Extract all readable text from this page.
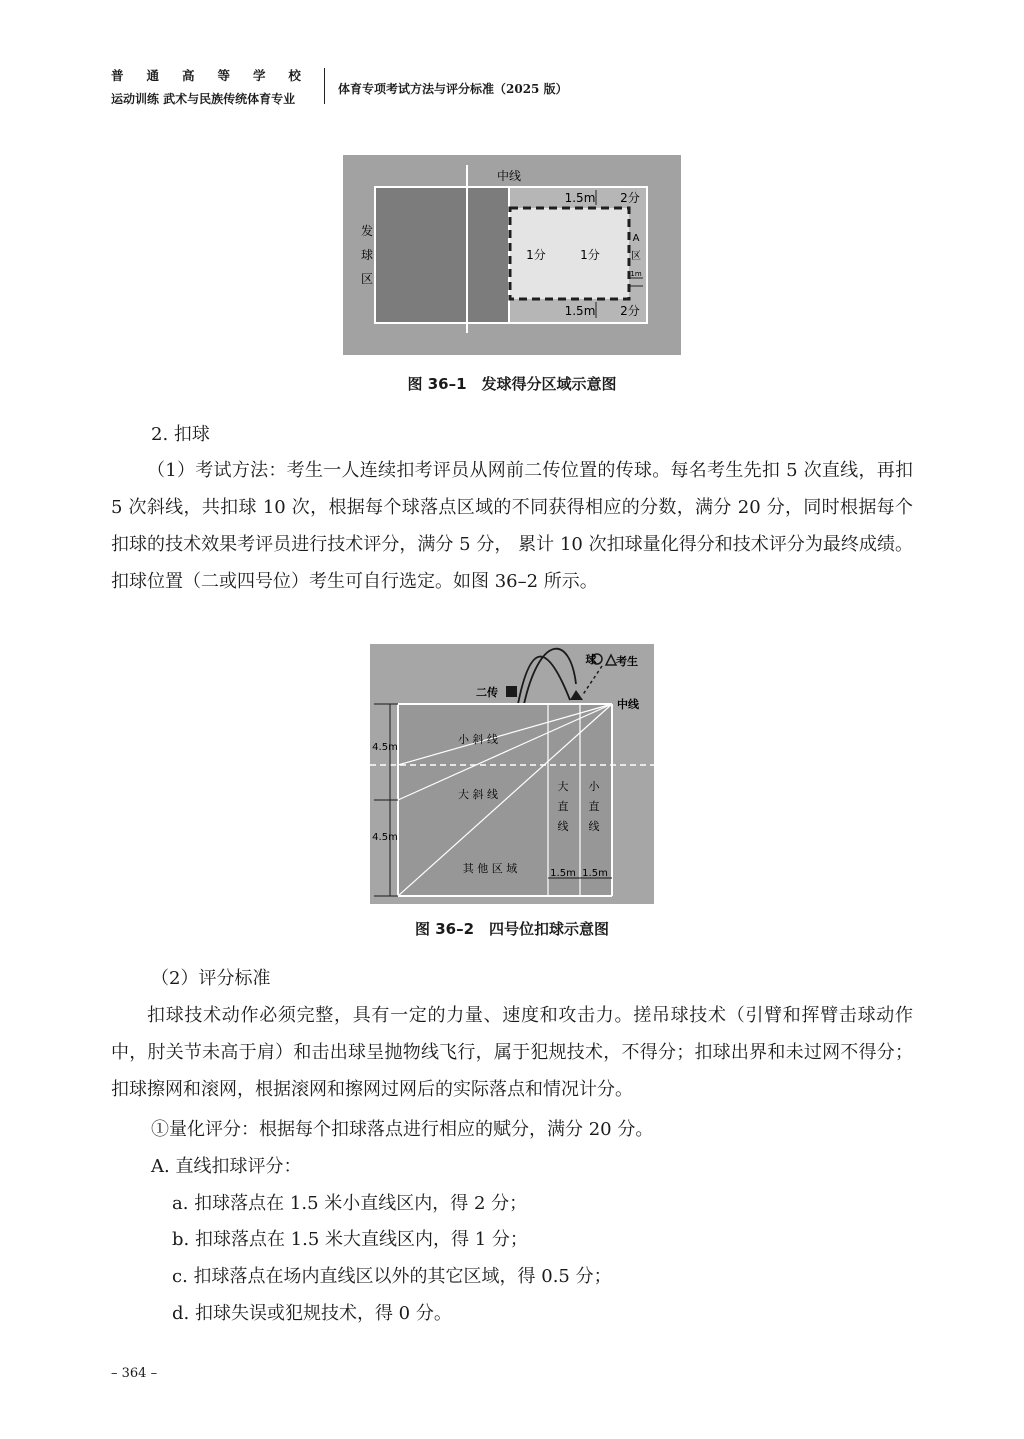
普 通 高 等 学 校
运动训练 武术与民族传统体育专业
体育专项考试方法与评分标准（2025 版）
中线
发
球
区
1.5m 2分
1分	1分
A
区
1m
1.5m 2分
图 36–1　发球得分区域示意图
2. 扣球

（1）考试方法：考生一人连续扣考评员从网前二传位置的传球。每名考生先扣 5 次直线，再扣 5 次斜线，共扣球 10 次，根据每个球落点区域的不同获得相应的分数，满分 20 分，同时根据每个扣球的技术效果考评员进行技术评分，满分 5 分， 累计 10 次扣球量化得分和技术评分为最终成绩。扣球位置（二或四号位）考生可自行选定。如图 36–2 所示。

球 考生
二传
中线
小 斜 线
大 斜 线
其 他 区 域
大
直
线
小
直
线
1.5m 1.5m
4.5m
4.5m
图 36–2　四号位扣球示意图
（2）评分标准

扣球技术动作必须完整，具有一定的力量、速度和攻击力。搓吊球技术（引臂和挥臂击球动作中，肘关节未高于肩）和击出球呈抛物线飞行，属于犯规技术，不得分；扣球出界和未过网不得分；扣球擦网和滚网，根据滚网和擦网过网后的实际落点和情况计分。

①量化评分：根据每个扣球落点进行相应的赋分，满分 20 分。
A. 直线扣球评分：
a. 扣球落点在 1.5 米小直线区内，得 2 分；
b. 扣球落点在 1.5 米大直线区内，得 1 分；
c. 扣球落点在场内直线区以外的其它区域，得 0.5 分；
d. 扣球失误或犯规技术，得 0 分。
– 364 –
